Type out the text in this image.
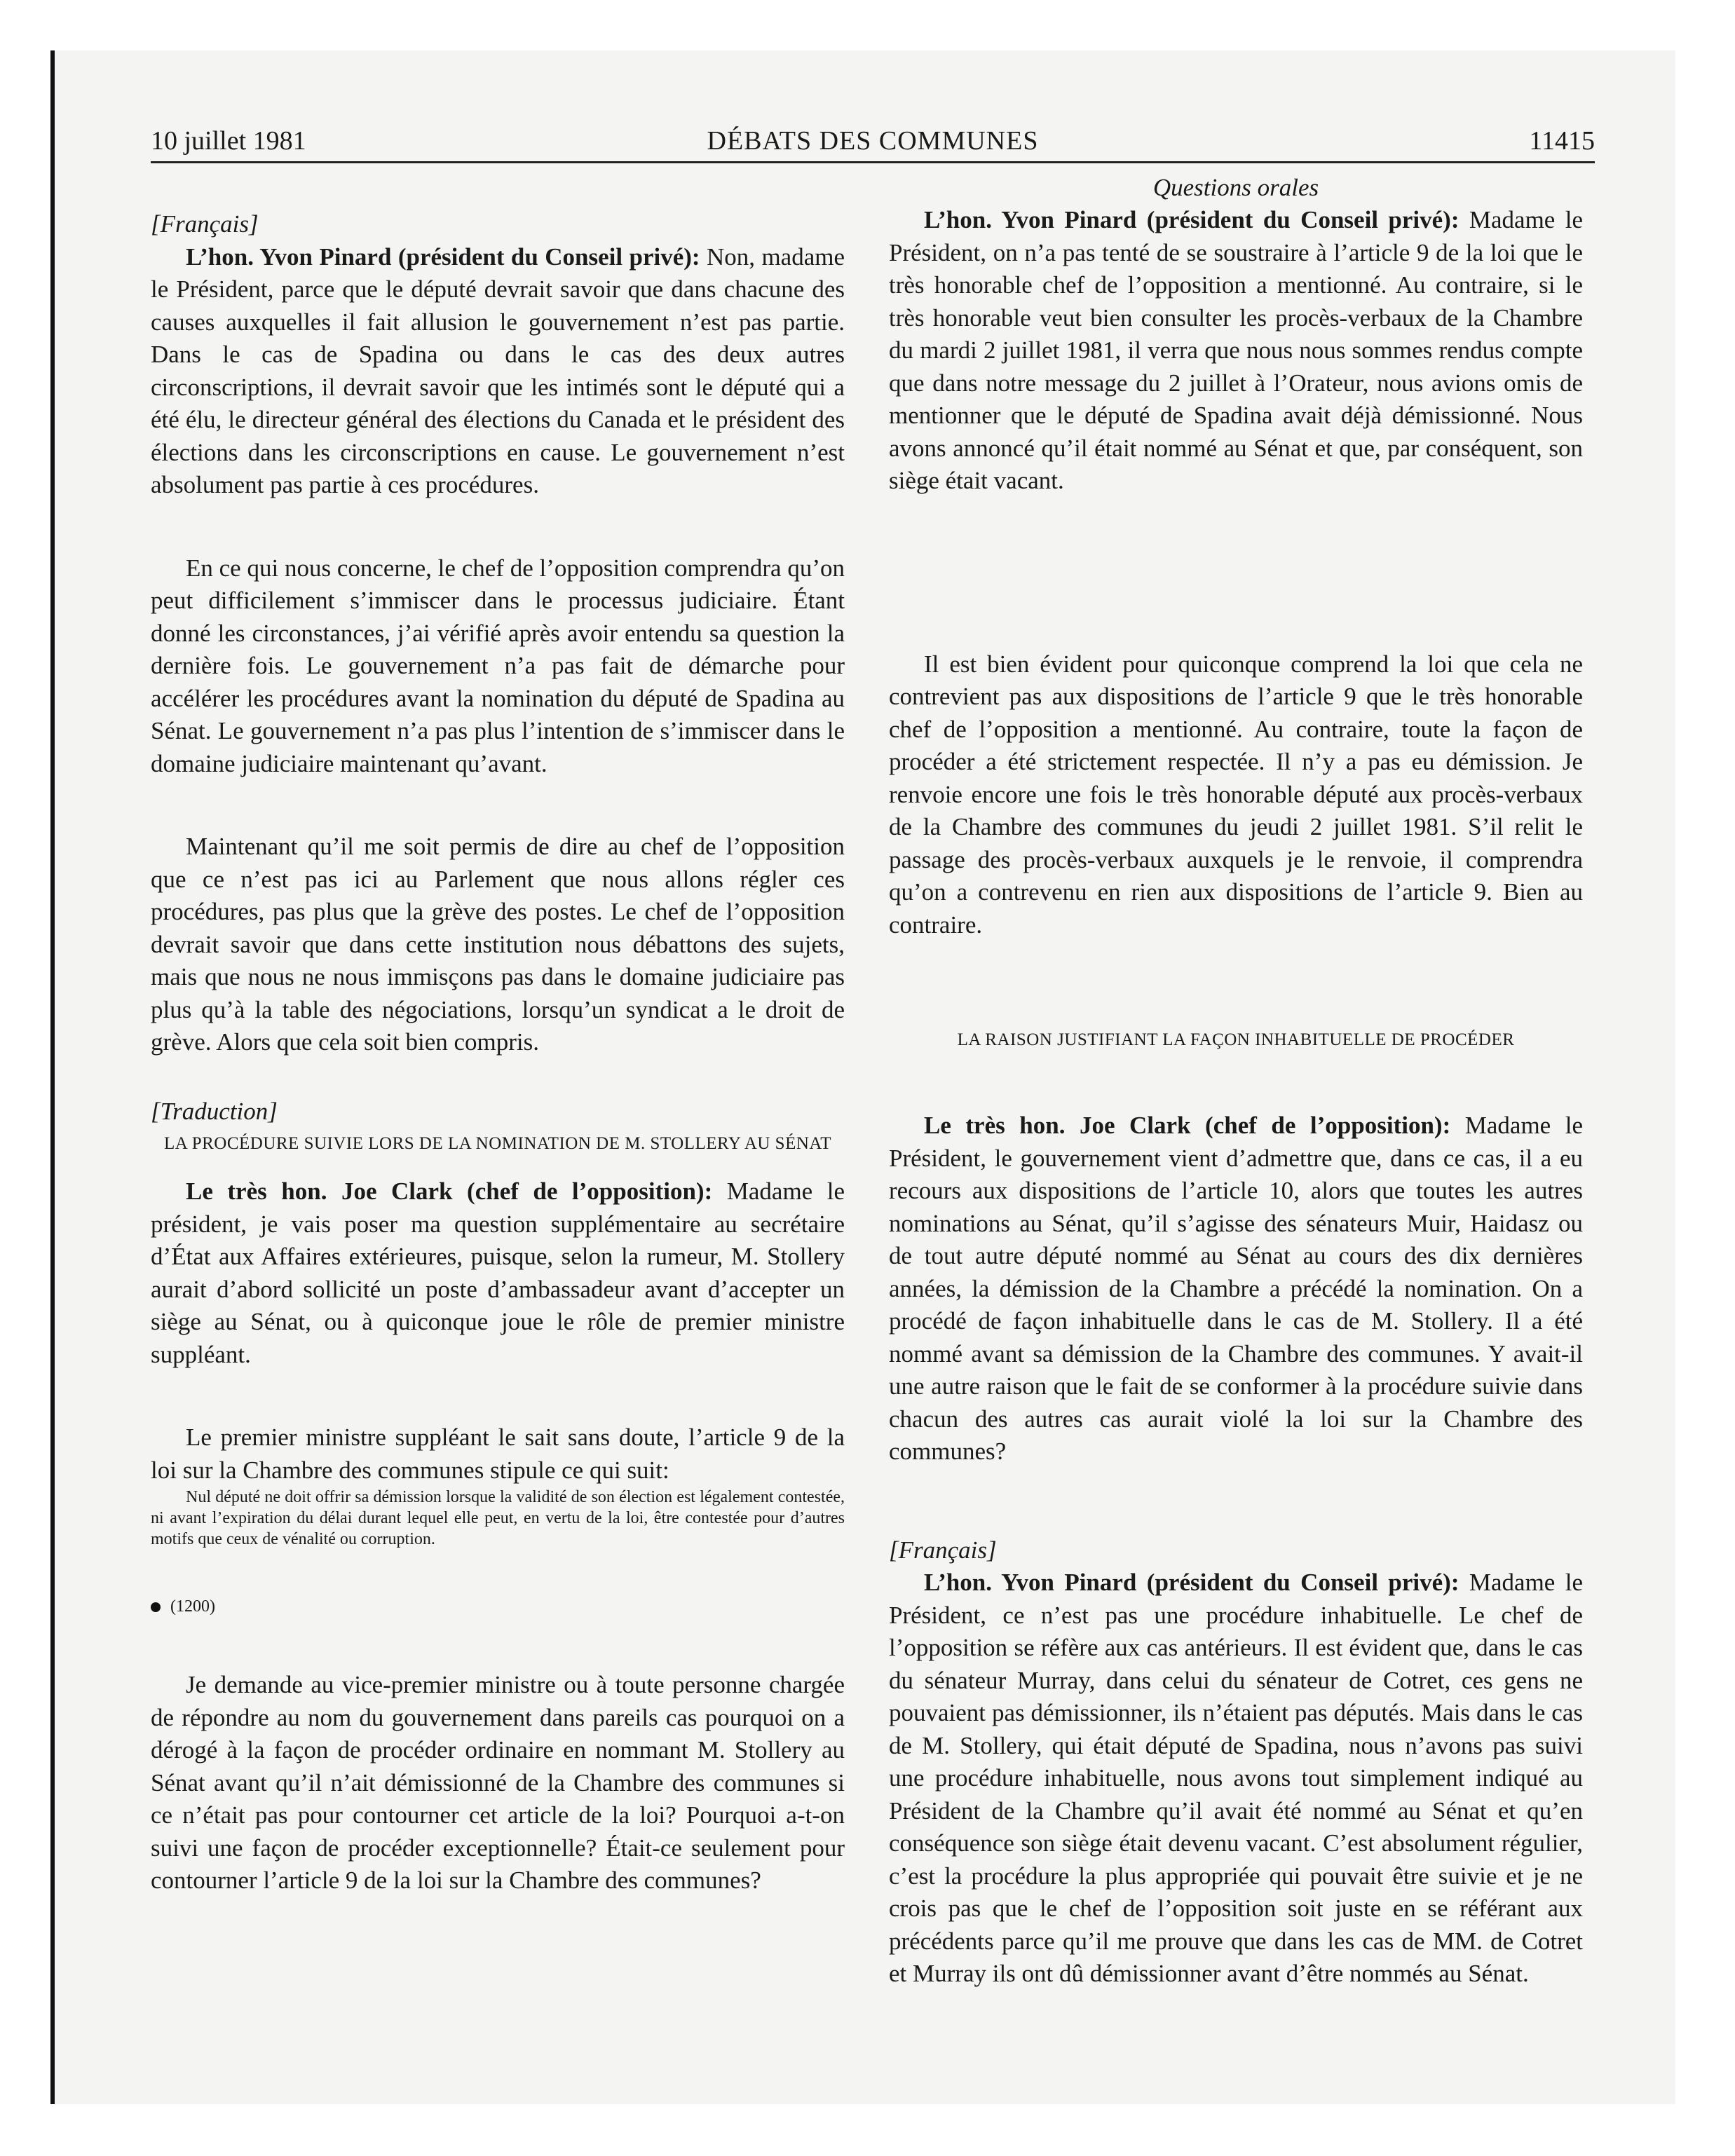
10 juillet 1981	DÉBATS DES COMMUNES	11415
[Français]

L’hon. Yvon Pinard (président du Conseil privé): Non, madame le Président, parce que le député devrait savoir que dans chacune des causes auxquelles il fait allusion le gouvernement n’est pas partie. Dans le cas de Spadina ou dans le cas des deux autres circonscriptions, il devrait savoir que les intimés sont le député qui a été élu, le directeur général des élections du Canada et le président des élections dans les circonscriptions en cause. Le gouvernement n’est absolument pas partie à ces procédures.

En ce qui nous concerne, le chef de l’opposition comprendra qu’on peut difficilement s’immiscer dans le processus judiciaire. Étant donné les circonstances, j’ai vérifié après avoir entendu sa question la dernière fois. Le gouvernement n’a pas fait de démarche pour accélérer les procédures avant la nomination du député de Spadina au Sénat. Le gouvernement n’a pas plus l’intention de s’immiscer dans le domaine judiciaire maintenant qu’avant.

Maintenant qu’il me soit permis de dire au chef de l’opposition que ce n’est pas ici au Parlement que nous allons régler ces procédures, pas plus que la grève des postes. Le chef de l’opposition devrait savoir que dans cette institution nous débattons des sujets, mais que nous ne nous immisçons pas dans le domaine judiciaire pas plus qu’à la table des négociations, lorsqu’un syndicat a le droit de grève. Alors que cela soit bien compris.

[Traduction]
LA PROCÉDURE SUIVIE LORS DE LA NOMINATION DE M. STOLLERY AU SÉNAT

Le très hon. Joe Clark (chef de l’opposition): Madame le président, je vais poser ma question supplémentaire au secrétaire d’État aux Affaires extérieures, puisque, selon la rumeur, M. Stollery aurait d’abord sollicité un poste d’ambassadeur avant d’accepter un siège au Sénat, ou à quiconque joue le rôle de premier ministre suppléant.

Le premier ministre suppléant le sait sans doute, l’article 9 de la loi sur la Chambre des communes stipule ce qui suit:

Nul député ne doit offrir sa démission lorsque la validité de son élection est légalement contestée, ni avant l’expiration du délai durant lequel elle peut, en vertu de la loi, être contestée pour d’autres motifs que ceux de vénalité ou corruption.

(1200)

Je demande au vice-premier ministre ou à toute personne chargée de répondre au nom du gouvernement dans pareils cas pourquoi on a dérogé à la façon de procéder ordinaire en nommant M. Stollery au Sénat avant qu’il n’ait démissionné de la Chambre des communes si ce n’était pas pour contourner cet article de la loi? Pourquoi a-t-on suivi une façon de procéder exceptionnelle? Était-ce seulement pour contourner l’article 9 de la loi sur la Chambre des communes?

Questions orales

L’hon. Yvon Pinard (président du Conseil privé): Madame le Président, on n’a pas tenté de se soustraire à l’article 9 de la loi que le très honorable chef de l’opposition a mentionné. Au contraire, si le très honorable veut bien consulter les procès-verbaux de la Chambre du mardi 2 juillet 1981, il verra que nous nous sommes rendus compte que dans notre message du 2 juillet à l’Orateur, nous avions omis de mentionner que le député de Spadina avait déjà démissionné. Nous avons annoncé qu’il était nommé au Sénat et que, par conséquent, son siège était vacant.

Il est bien évident pour quiconque comprend la loi que cela ne contrevient pas aux dispositions de l’article 9 que le très honorable chef de l’opposition a mentionné. Au contraire, toute la façon de procéder a été strictement respectée. Il n’y a pas eu démission. Je renvoie encore une fois le très honorable député aux procès-verbaux de la Chambre des communes du jeudi 2 juillet 1981. S’il relit le passage des procès-verbaux auxquels je le renvoie, il comprendra qu’on a contrevenu en rien aux dispositions de l’article 9. Bien au contraire.

LA RAISON JUSTIFIANT LA FAÇON INHABITUELLE DE PROCÉDER

Le très hon. Joe Clark (chef de l’opposition): Madame le Président, le gouvernement vient d’admettre que, dans ce cas, il a eu recours aux dispositions de l’article 10, alors que toutes les autres nominations au Sénat, qu’il s’agisse des sénateurs Muir, Haidasz ou de tout autre député nommé au Sénat au cours des dix dernières années, la démission de la Chambre a précédé la nomination. On a procédé de façon inhabituelle dans le cas de M. Stollery. Il a été nommé avant sa démission de la Chambre des communes. Y avait-il une autre raison que le fait de se conformer à la procédure suivie dans chacun des autres cas aurait violé la loi sur la Chambre des communes?

[Français]

L’hon. Yvon Pinard (président du Conseil privé): Madame le Président, ce n’est pas une procédure inhabituelle. Le chef de l’opposition se réfère aux cas antérieurs. Il est évident que, dans le cas du sénateur Murray, dans celui du sénateur de Cotret, ces gens ne pouvaient pas démissionner, ils n’étaient pas députés. Mais dans le cas de M. Stollery, qui était député de Spadina, nous n’avons pas suivi une procédure inhabituelle, nous avons tout simplement indiqué au Président de la Chambre qu’il avait été nommé au Sénat et qu’en conséquence son siège était devenu vacant. C’est absolument régulier, c’est la procédure la plus appropriée qui pouvait être suivie et je ne crois pas que le chef de l’opposition soit juste en se référant aux précédents parce qu’il me prouve que dans les cas de MM. de Cotret et Murray ils ont dû démissionner avant d’être nommés au Sénat.
